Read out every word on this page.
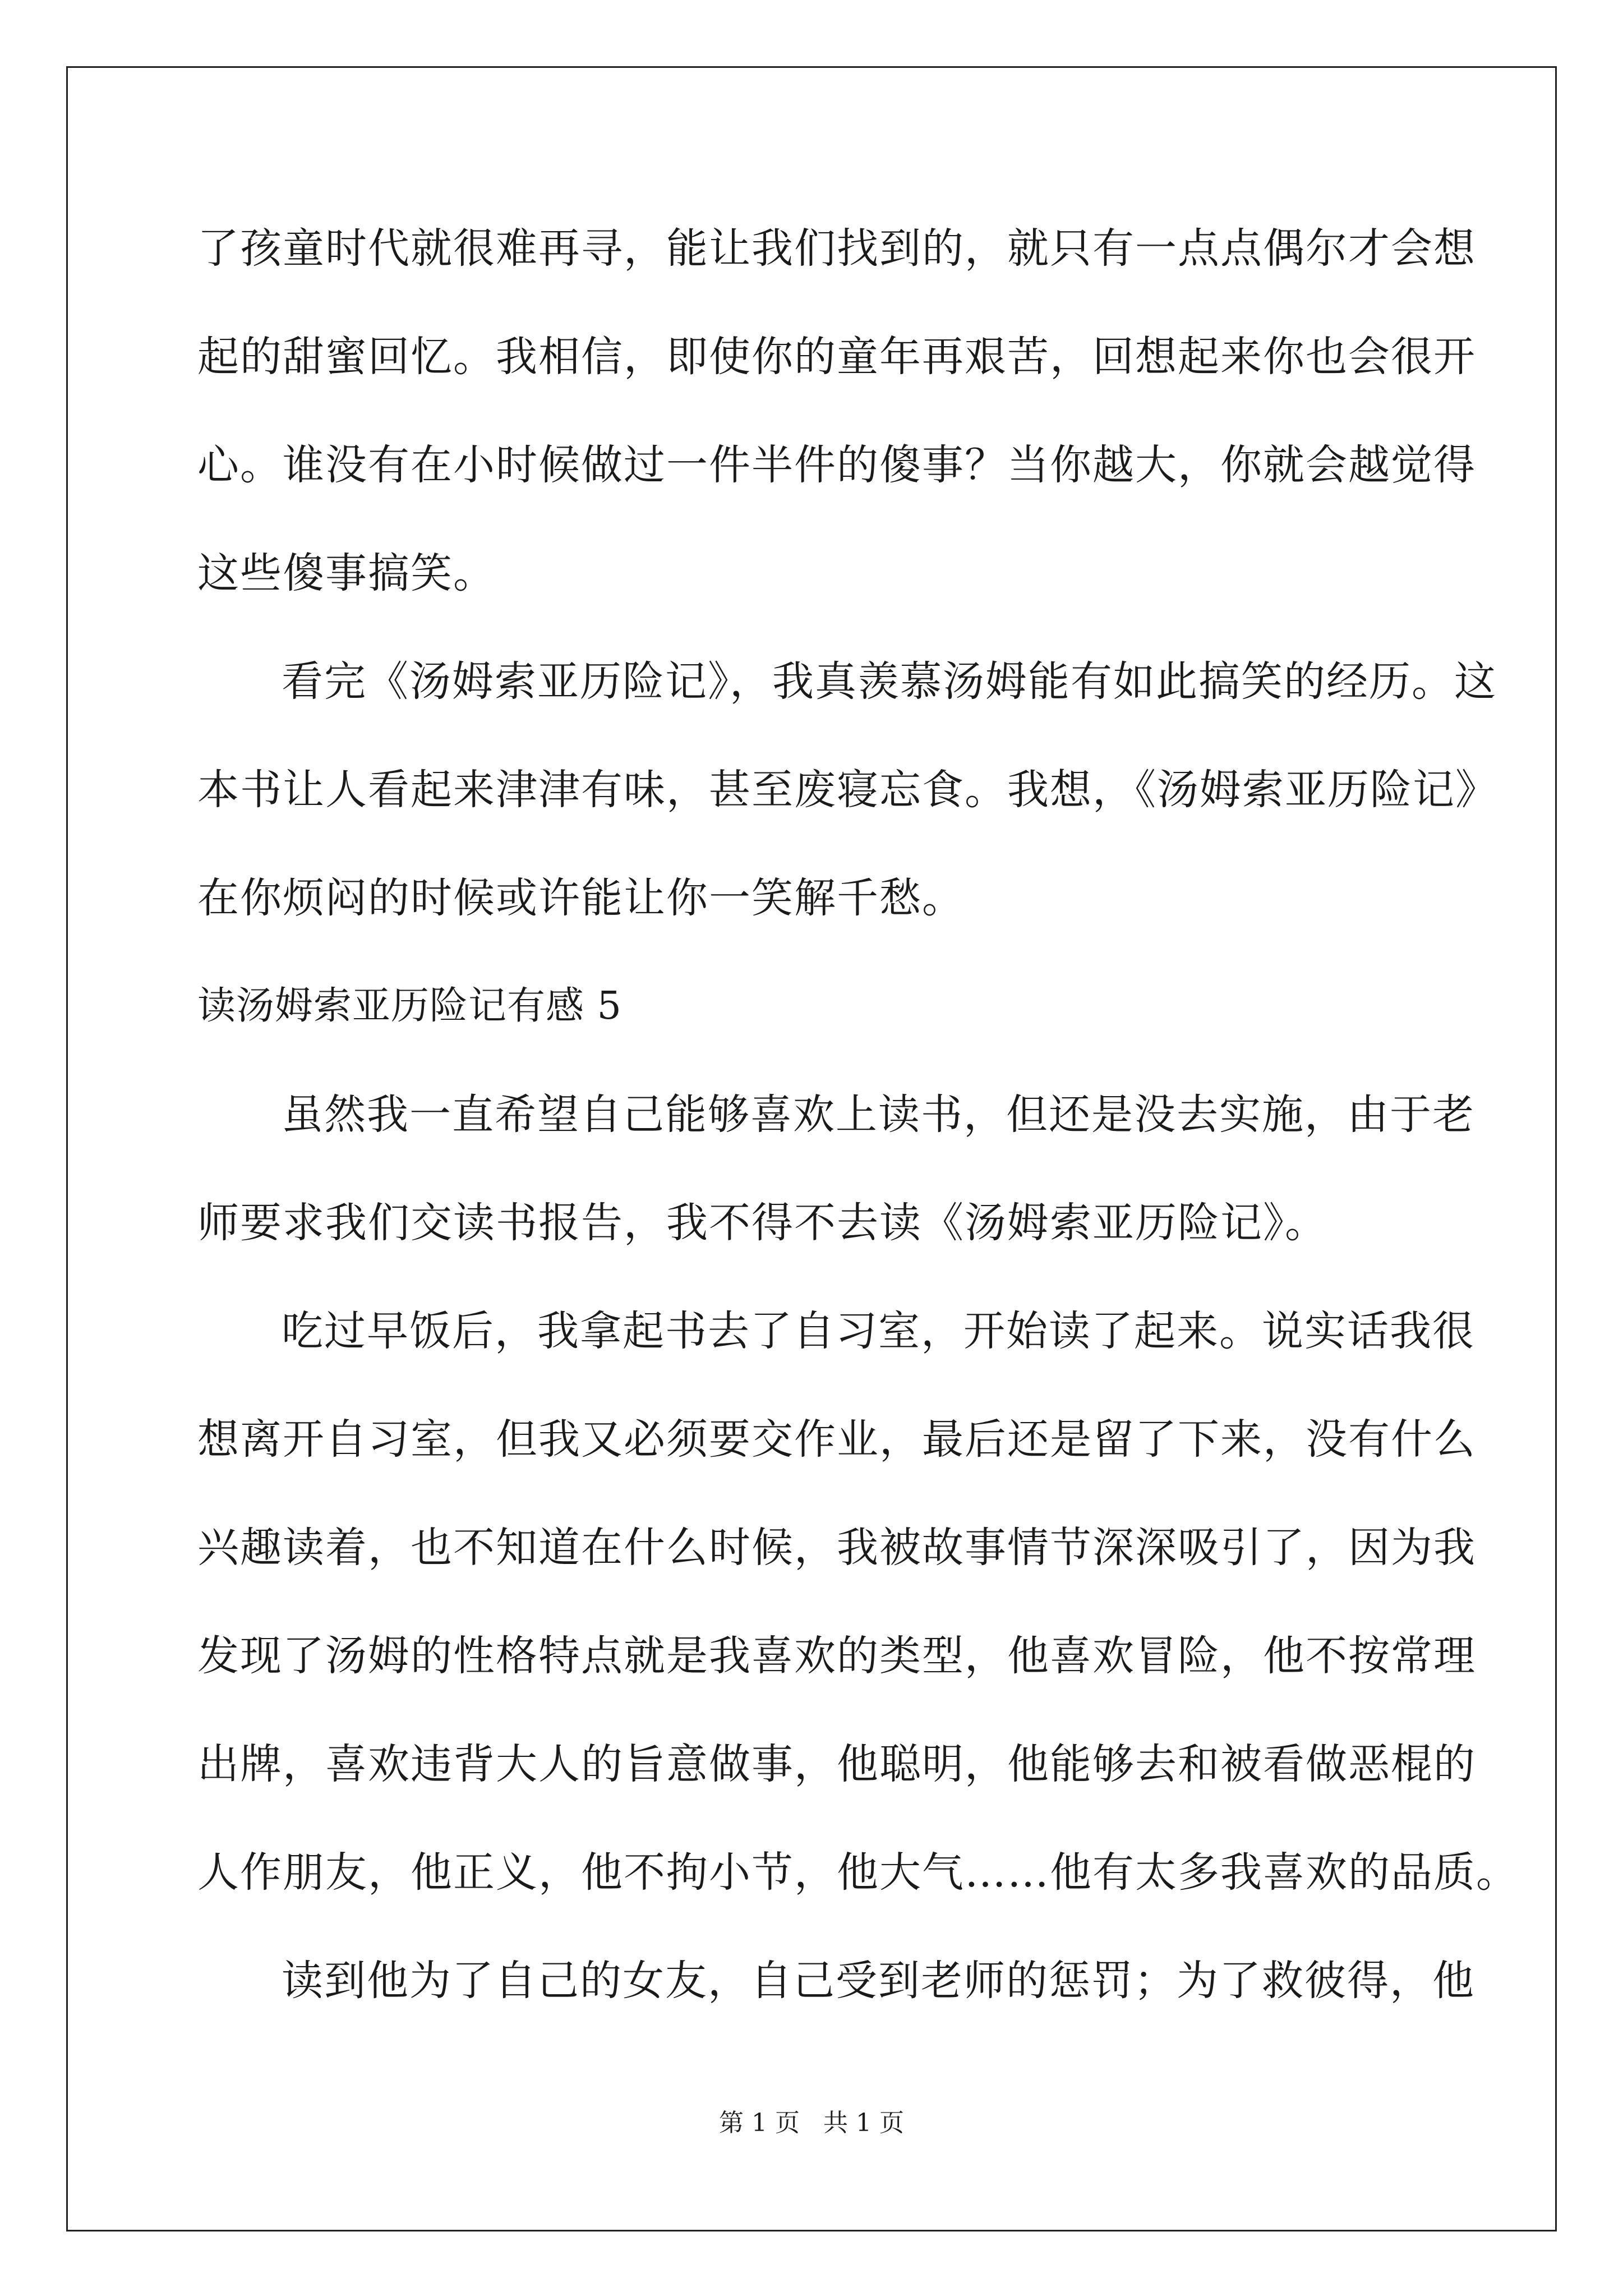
了孩童时代就很难再寻，能让我们找到的，就只有一点点偶尔才会想
起的甜蜜回忆。我相信，即使你的童年再艰苦，回想起来你也会很开
心。谁没有在小时候做过一件半件的傻事？当你越大，你就会越觉得
这些傻事搞笑。
看完《汤姆索亚历险记》，我真羡慕汤姆能有如此搞笑的经历。这
本书让人看起来津津有味，甚至废寝忘食。我想，《汤姆索亚历险记》
在你烦闷的时候或许能让你一笑解千愁。
读汤姆索亚历险记有感 5
虽然我一直希望自己能够喜欢上读书，但还是没去实施，由于老
师要求我们交读书报告，我不得不去读《汤姆索亚历险记》。
吃过早饭后，我拿起书去了自习室，开始读了起来。说实话我很
想离开自习室，但我又必须要交作业，最后还是留了下来，没有什么
兴趣读着，也不知道在什么时候，我被故事情节深深吸引了，因为我
发现了汤姆的性格特点就是我喜欢的类型，他喜欢冒险，他不按常理
出牌，喜欢违背大人的旨意做事，他聪明，他能够去和被看做恶棍的
人作朋友，他正义，他不拘小节，他大气……他有太多我喜欢的品质。
读到他为了自己的女友，自己受到老师的惩罚；为了救彼得，他
第 1 页   共 1 页
